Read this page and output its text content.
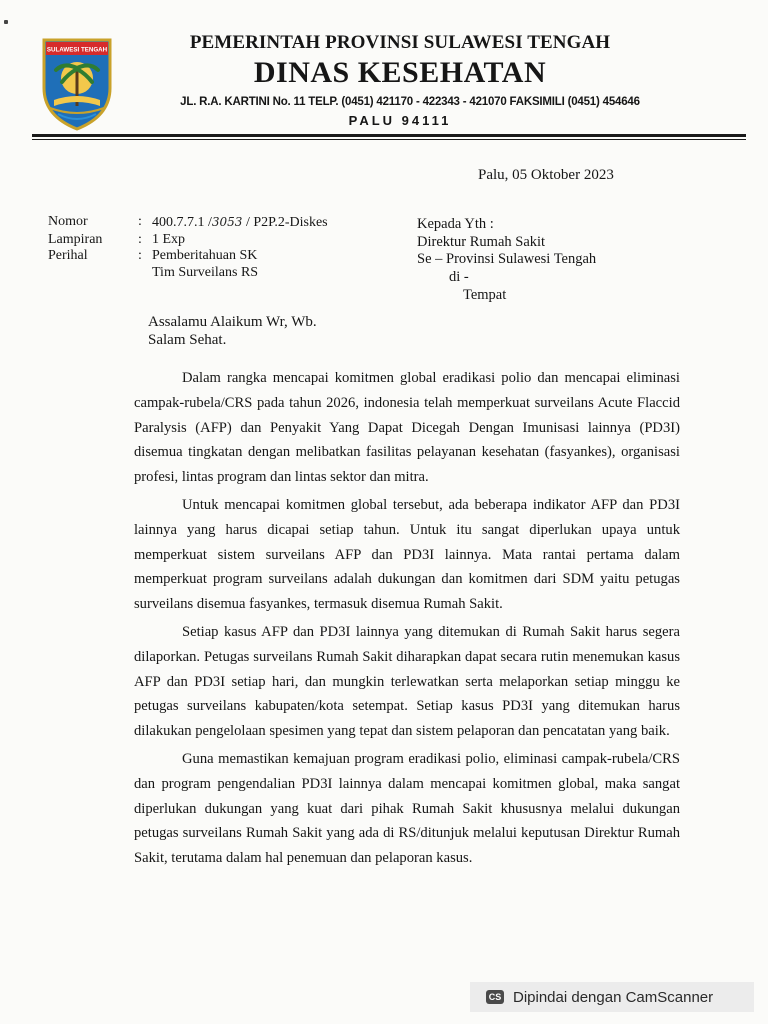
SULAWESI TENGAH	PEMERINTAH PROVINSI SULAWESI TENGAH
DINAS KESEHATAN
JL. R.A. KARTINI No. 11 TELP. (0451) 421170 - 422343 - 421070 FAKSIMILI (0451) 454646
PALU 94111
Palu, 05 Oktober 2023
Nomor	: 400.7.7.1 /3053 / P2P.2-Diskes
Lampiran	: 1 Exp
Perihal	: Pemberitahuan SK
Tim Surveilans RS
Kepada Yth :
Direktur Rumah Sakit
Se – Provinsi Sulawesi Tengah
di -
Tempat
Assalamu Alaikum Wr, Wb.
Salam Sehat.

Dalam rangka mencapai komitmen global eradikasi polio dan mencapai eliminasi campak-rubela/CRS pada tahun 2026, indonesia telah memperkuat surveilans Acute Flaccid Paralysis (AFP) dan Penyakit Yang Dapat Dicegah Dengan Imunisasi lainnya (PD3I) disemua tingkatan dengan melibatkan fasilitas pelayanan kesehatan (fasyankes), organisasi profesi, lintas program dan lintas sektor dan mitra.

Untuk mencapai komitmen global tersebut, ada beberapa indikator AFP dan PD3I lainnya yang harus dicapai setiap tahun. Untuk itu sangat diperlukan upaya untuk memperkuat sistem surveilans AFP dan PD3I lainnya. Mata rantai pertama dalam memperkuat program surveilans adalah dukungan dan komitmen dari SDM yaitu petugas surveilans disemua fasyankes, termasuk disemua Rumah Sakit.

Setiap kasus AFP dan PD3I lainnya yang ditemukan di Rumah Sakit harus segera dilaporkan. Petugas surveilans Rumah Sakit diharapkan dapat secara rutin menemukan kasus AFP dan PD3I setiap hari, dan mungkin terlewatkan serta melaporkan setiap minggu ke petugas surveilans kabupaten/kota setempat. Setiap kasus PD3I yang ditemukan harus dilakukan pengelolaan spesimen yang tepat dan sistem pelaporan dan pencatatan yang baik.

Guna memastikan kemajuan program eradikasi polio, eliminasi campak-rubela/CRS dan program pengendalian PD3I lainnya dalam mencapai komitmen global, maka sangat diperlukan dukungan yang kuat dari pihak Rumah Sakit khususnya melalui dukungan petugas surveilans Rumah Sakit yang ada di RS/ditunjuk melalui keputusan Direktur Rumah Sakit, terutama dalam hal penemuan dan pelaporan kasus.

CS Dipindai dengan CamScanner
